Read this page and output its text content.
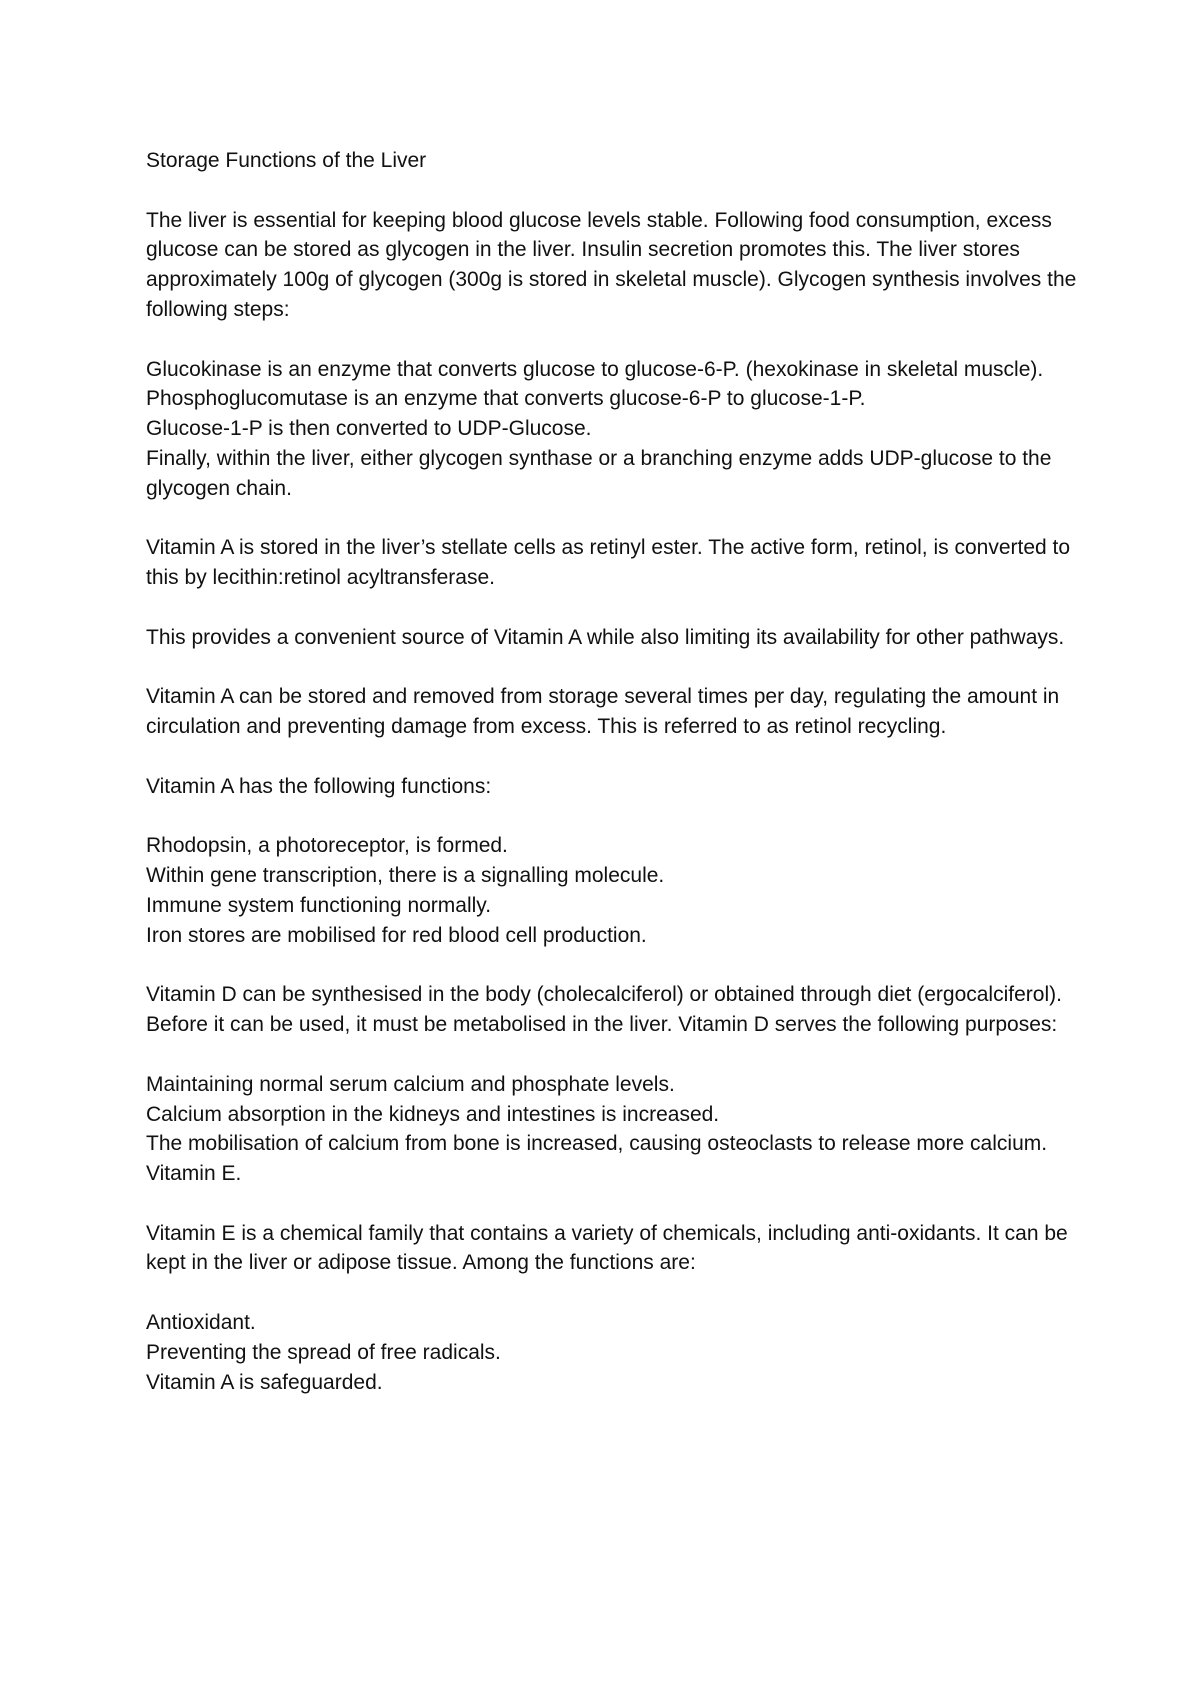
Storage Functions of the Liver

The liver is essential for keeping blood glucose levels stable. Following food consumption, excess glucose can be stored as glycogen in the liver. Insulin secretion promotes this. The liver stores approximately 100g of glycogen (300g is stored in skeletal muscle). Glycogen synthesis involves the following steps:

Glucokinase is an enzyme that converts glucose to glucose-6-P. (hexokinase in skeletal muscle).
Phosphoglucomutase is an enzyme that converts glucose-6-P to glucose-1-P.
Glucose-1-P is then converted to UDP-Glucose.
Finally, within the liver, either glycogen synthase or a branching enzyme adds UDP-glucose to the glycogen chain.

Vitamin A is stored in the liver’s stellate cells as retinyl ester. The active form, retinol, is converted to this by lecithin:retinol acyltransferase.

This provides a convenient source of Vitamin A while also limiting its availability for other pathways.

Vitamin A can be stored and removed from storage several times per day, regulating the amount in circulation and preventing damage from excess. This is referred to as retinol recycling.

Vitamin A has the following functions:

Rhodopsin, a photoreceptor, is formed.
Within gene transcription, there is a signalling molecule.
Immune system functioning normally.
Iron stores are mobilised for red blood cell production.

Vitamin D can be synthesised in the body (cholecalciferol) or obtained through diet (ergocalciferol). Before it can be used, it must be metabolised in the liver. Vitamin D serves the following purposes:

Maintaining normal serum calcium and phosphate levels.
Calcium absorption in the kidneys and intestines is increased.
The mobilisation of calcium from bone is increased, causing osteoclasts to release more calcium.
Vitamin E.

Vitamin E is a chemical family that contains a variety of chemicals, including anti-oxidants. It can be kept in the liver or adipose tissue. Among the functions are:

Antioxidant.
Preventing the spread of free radicals.
Vitamin A is safeguarded.
